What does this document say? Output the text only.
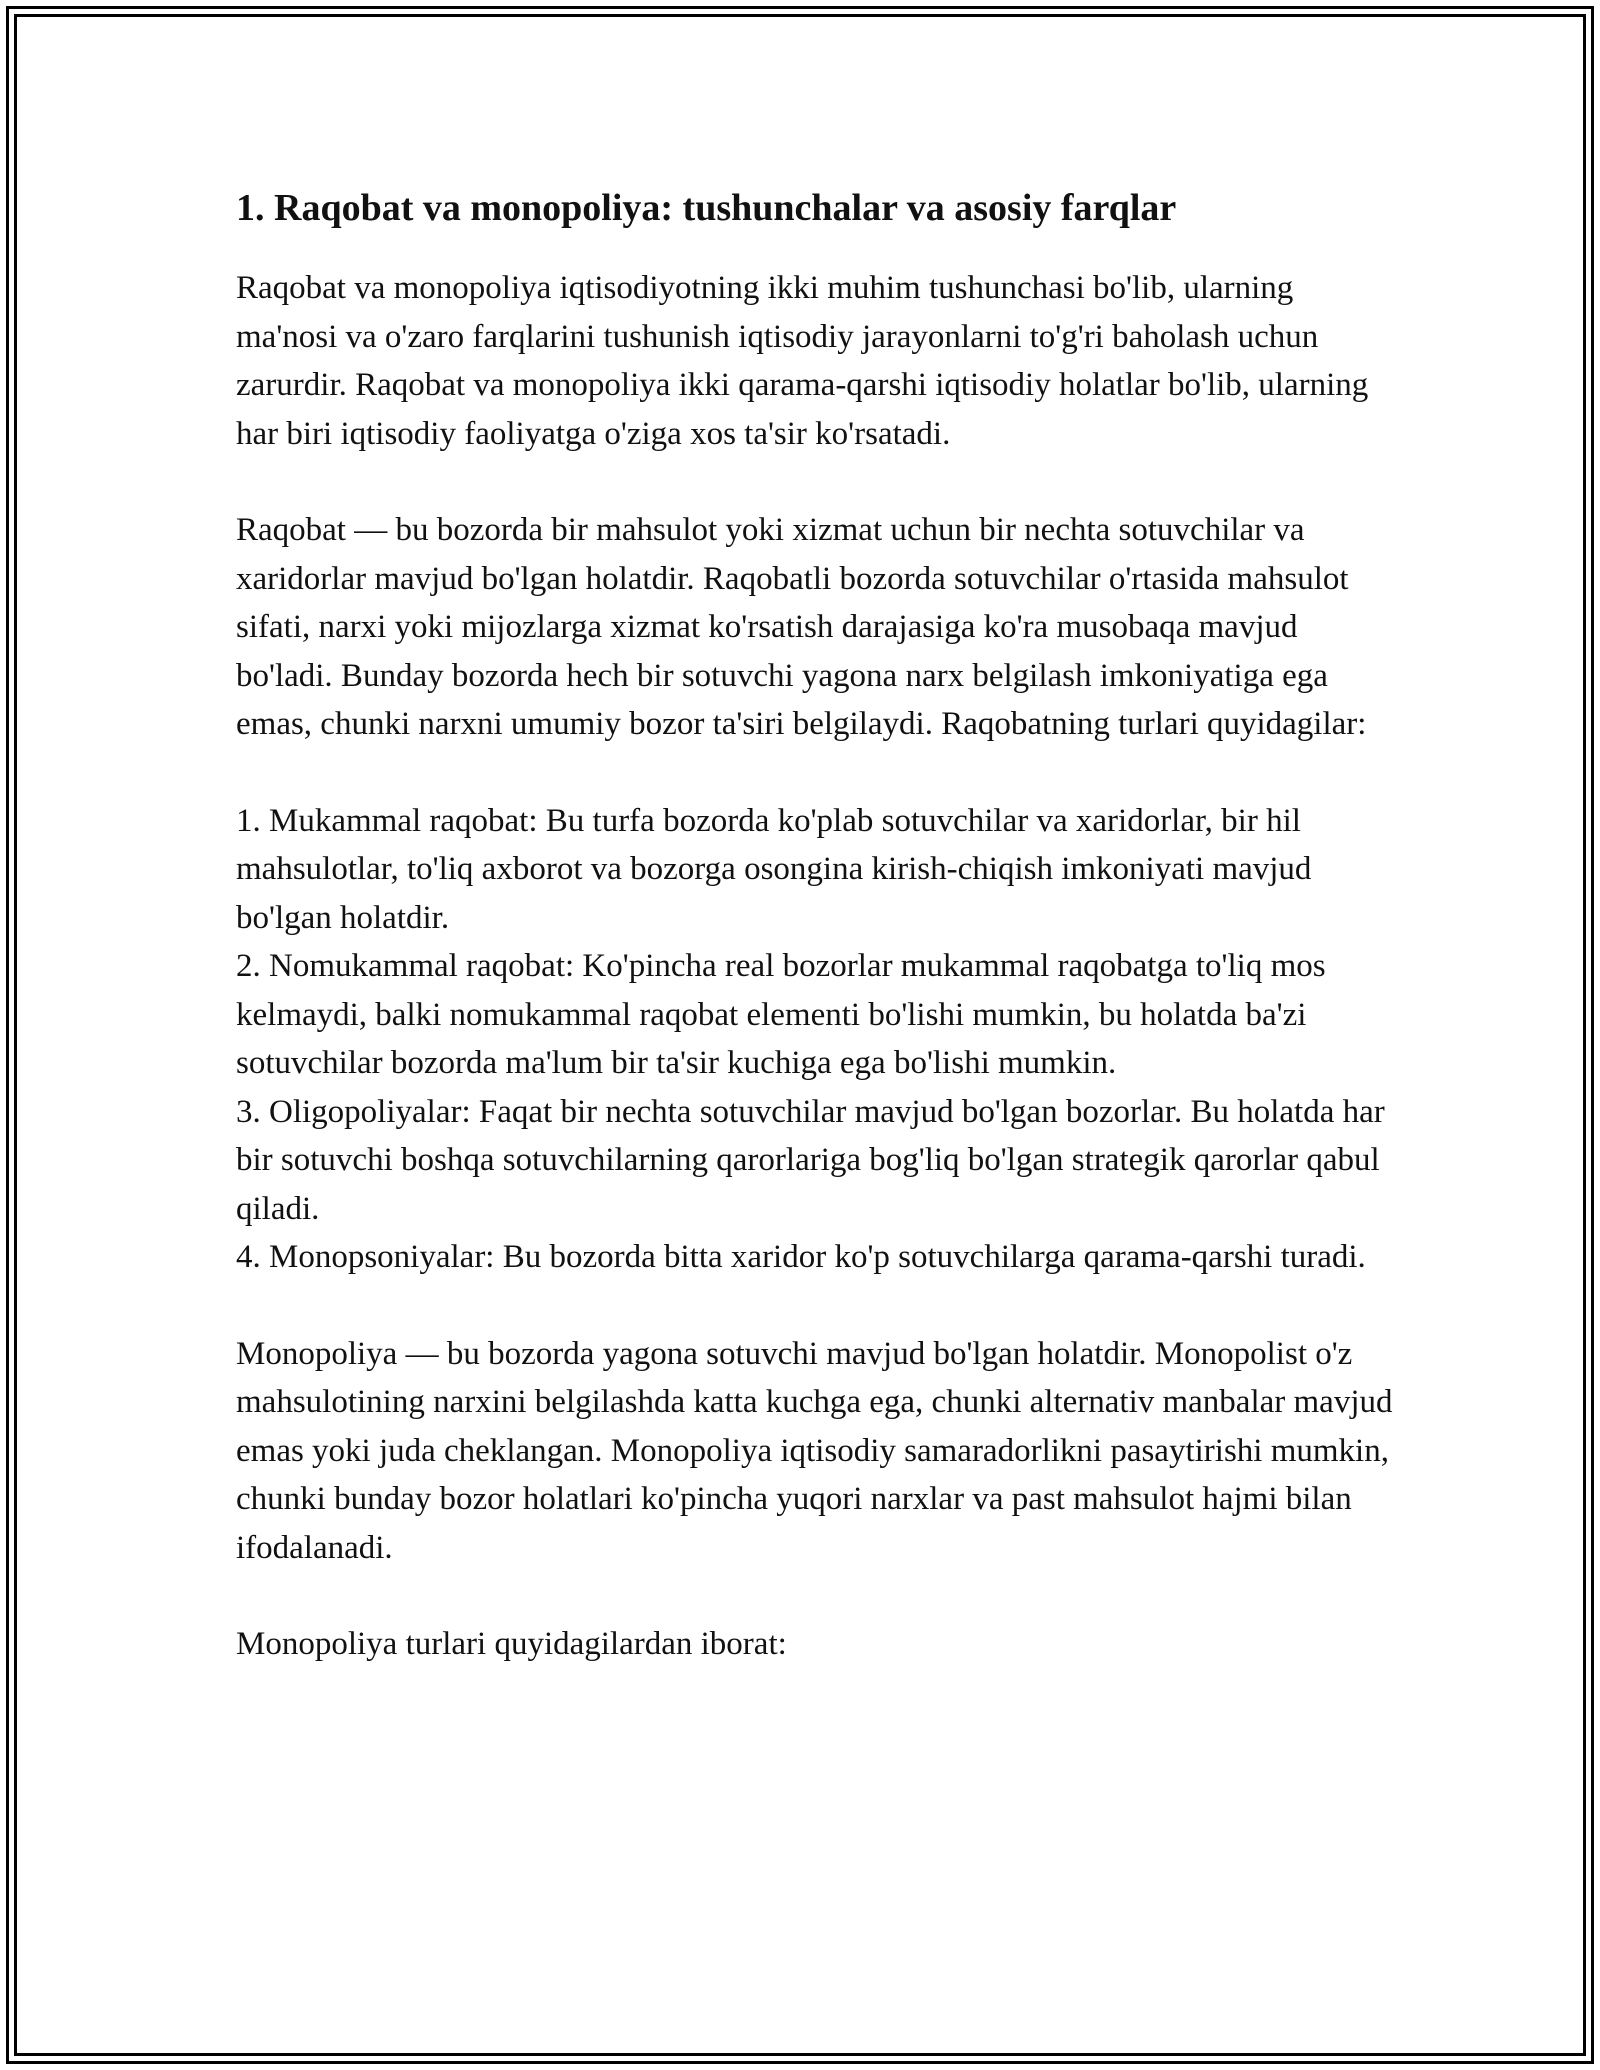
1. Raqobat va monopoliya: tushunchalar va asosiy farqlar

Raqobat va monopoliya iqtisodiyotning ikki muhim tushunchasi bo'lib, ularning ma'nosi va o'zaro farqlarini tushunish iqtisodiy jarayonlarni to'g'ri baholash uchun zarurdir. Raqobat va monopoliya ikki qarama-qarshi iqtisodiy holatlar bo'lib, ularning har biri iqtisodiy faoliyatga o'ziga xos ta'sir ko'rsatadi.

Raqobat — bu bozorda bir mahsulot yoki xizmat uchun bir nechta sotuvchilar va xaridorlar mavjud bo'lgan holatdir. Raqobatli bozorda sotuvchilar o'rtasida mahsulot sifati, narxi yoki mijozlarga xizmat ko'rsatish darajasiga ko'ra musobaqa mavjud bo'ladi. Bunday bozorda hech bir sotuvchi yagona narx belgilash imkoniyatiga ega emas, chunki narxni umumiy bozor ta'siri belgilaydi. Raqobatning turlari quyidagilar:

1. Mukammal raqobat: Bu turfa bozorda ko'plab sotuvchilar va xaridorlar, bir hil mahsulotlar, to'liq axborot va bozorga osongina kirish-chiqish imkoniyati mavjud bo'lgan holatdir.

2. Nomukammal raqobat: Ko'pincha real bozorlar mukammal raqobatga to'liq mos kelmaydi, balki nomukammal raqobat elementi bo'lishi mumkin, bu holatda ba'zi sotuvchilar bozorda ma'lum bir ta'sir kuchiga ega bo'lishi mumkin.

3. Oligopoliyalar: Faqat bir nechta sotuvchilar mavjud bo'lgan bozorlar. Bu holatda har bir sotuvchi boshqa sotuvchilarning qarorlariga bog'liq bo'lgan strategik qarorlar qabul qiladi.

4. Monopsoniyalar: Bu bozorda bitta xaridor ko'p sotuvchilarga qarama-qarshi turadi.

Monopoliya — bu bozorda yagona sotuvchi mavjud bo'lgan holatdir. Monopolist o'z mahsulotining narxini belgilashda katta kuchga ega, chunki alternativ manbalar mavjud emas yoki juda cheklangan. Monopoliya iqtisodiy samaradorlikni pasaytirishi mumkin, chunki bunday bozor holatlari ko'pincha yuqori narxlar va past mahsulot hajmi bilan ifodalanadi.

Monopoliya turlari quyidagilardan iborat:
